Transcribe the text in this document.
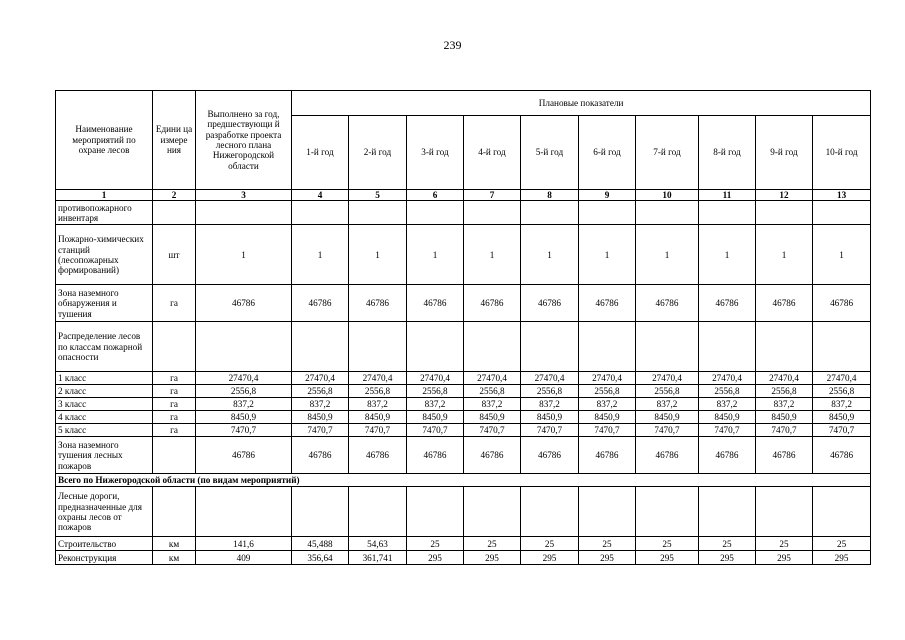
239
Наименование мероприятий по охране лесов	Едини ца измере ния	Выполнено за год, предшествующи й разработке проекта лесного плана Нижегородской области	Плановые показатели									
			1-й год	2-й год	3-й год	4-й год	5-й год	6-й год	7-й год	8-й год	9-й год	10-й год
1	2	3	4	5	6	7	8	9	10	11	12	13
противопожарного инвентаря												
Пожарно-химических станций (лесопожарных формирований)	шт	1	1	1	1	1	1	1	1	1	1	1
Зона наземного обнаружения и тушения	га	46786	46786	46786	46786	46786	46786	46786	46786	46786	46786	46786
Распределение лесов по классам пожарной опасности												
1 класс	га	27470,4	27470,4	27470,4	27470,4	27470,4	27470,4	27470,4	27470,4	27470,4	27470,4	27470,4
2 класс	га	2556,8	2556,8	2556,8	2556,8	2556,8	2556,8	2556,8	2556,8	2556,8	2556,8	2556,8
3 класс	га	837,2	837,2	837,2	837,2	837,2	837,2	837,2	837,2	837,2	837,2	837,2
4 класс	га	8450,9	8450,9	8450,9	8450,9	8450,9	8450,9	8450,9	8450,9	8450,9	8450,9	8450,9
5 класс	га	7470,7	7470,7	7470,7	7470,7	7470,7	7470,7	7470,7	7470,7	7470,7	7470,7	7470,7
Зона наземного тушения лесных пожаров		46786	46786	46786	46786	46786	46786	46786	46786	46786	46786	46786
Всего по Нижегородской области (по видам мероприятий)												
Лесные дороги, предназначенные для охраны лесов от пожаров												
Строительство	км	141,6	45,488	54,63	25	25	25	25	25	25	25	25
Реконструкция	км	409	356,64	361,741	295	295	295	295	295	295	295	295
